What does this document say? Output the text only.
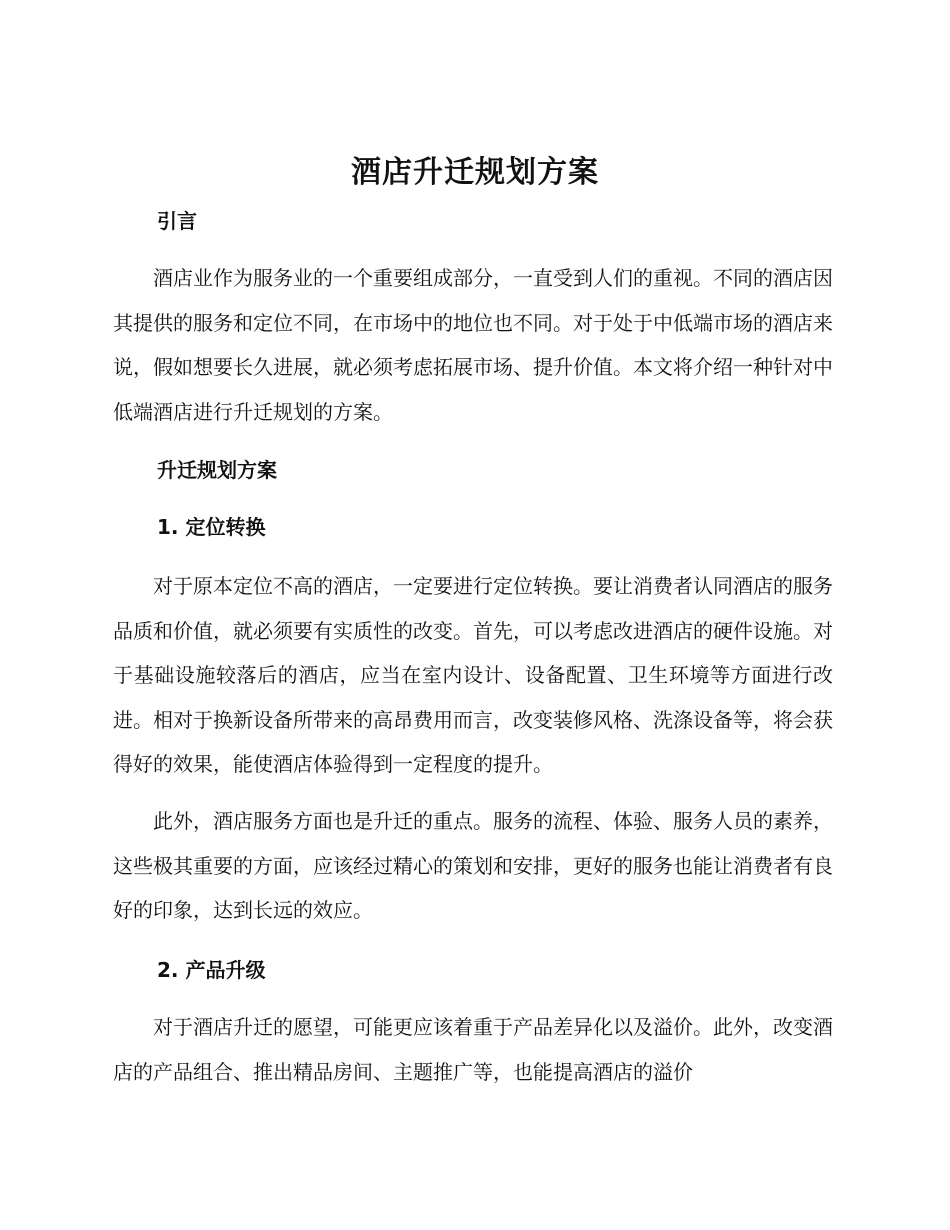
酒店升迁规划方案
引言

酒店业作为服务业的一个重要组成部分，一直受到人们的重视。不同的酒店因其提供的服务和定位不同，在市场中的地位也不同。对于处于中低端市场的酒店来说，假如想要长久进展，就必须考虑拓展市场、提升价值。本文将介绍一种针对中低端酒店进行升迁规划的方案。

升迁规划方案
1. 定位转换

对于原本定位不高的酒店，一定要进行定位转换。要让消费者认同酒店的服务品质和价值，就必须要有实质性的改变。首先，可以考虑改进酒店的硬件设施。对于基础设施较落后的酒店，应当在室内设计、设备配置、卫生环境等方面进行改进。相对于换新设备所带来的高昂费用而言，改变装修风格、洗涤设备等，将会获得好的效果，能使酒店体验得到一定程度的提升。

此外，酒店服务方面也是升迁的重点。服务的流程、体验、服务人员的素养，这些极其重要的方面，应该经过精心的策划和安排，更好的服务也能让消费者有良好的印象，达到长远的效应。

2. 产品升级

对于酒店升迁的愿望，可能更应该着重于产品差异化以及溢价。此外，改变酒店的产品组合、推出精品房间、主题推广等，也能提高酒店的溢价
